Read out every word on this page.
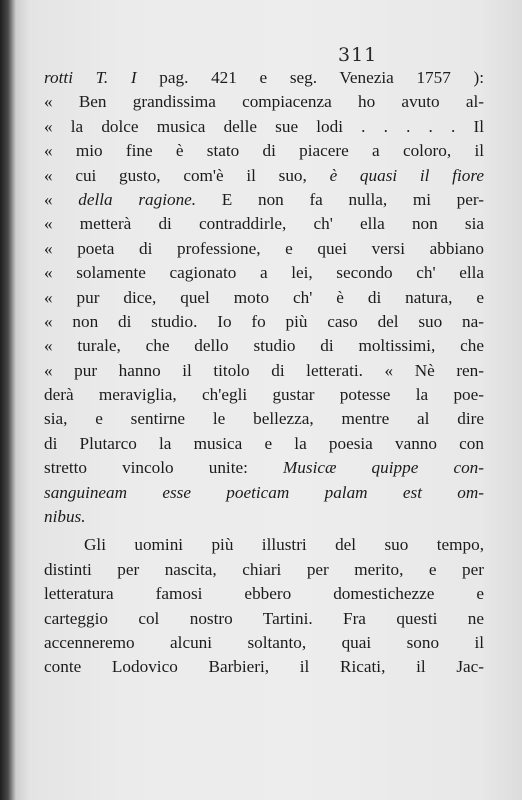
311
rotti T. I pag. 421 e seg. Venezia 1757 ):
« Ben grandissima compiacenza ho avuto al-
« la dolce musica delle sue lodi . . . . . Il
« mio fine è stato di piacere a coloro, il
« cui gusto, com'è il suo, è quasi il fiore
« della ragione. E non fa nulla, mi per-
« metterà di contraddirle, ch' ella non sia
« poeta di professione, e quei versi abbiano
« solamente cagionato a lei, secondo ch' ella
« pur dice, quel moto ch' è di natura, e
« non di studio. Io fo più caso del suo na-
« turale, che dello studio di moltissimi, che
« pur hanno il titolo di letterati. « Nè ren-
derà meraviglia, ch'egli gustar potesse la poe-
sia, e sentirne le bellezza, mentre al dire
di Plutarco la musica e la poesia vanno con
stretto vincolo unite: Musicæ quippe con-
sanguineam esse poeticam palam est om-
nibus.
Gli uomini più illustri del suo tempo,
distinti per nascita, chiari per merito, e per
letteratura famosi ebbero domestichezze e
carteggio col nostro Tartini. Fra questi ne
accenneremo alcuni soltanto, quai sono il
conte Lodovico Barbieri, il Ricati, il Jac-
